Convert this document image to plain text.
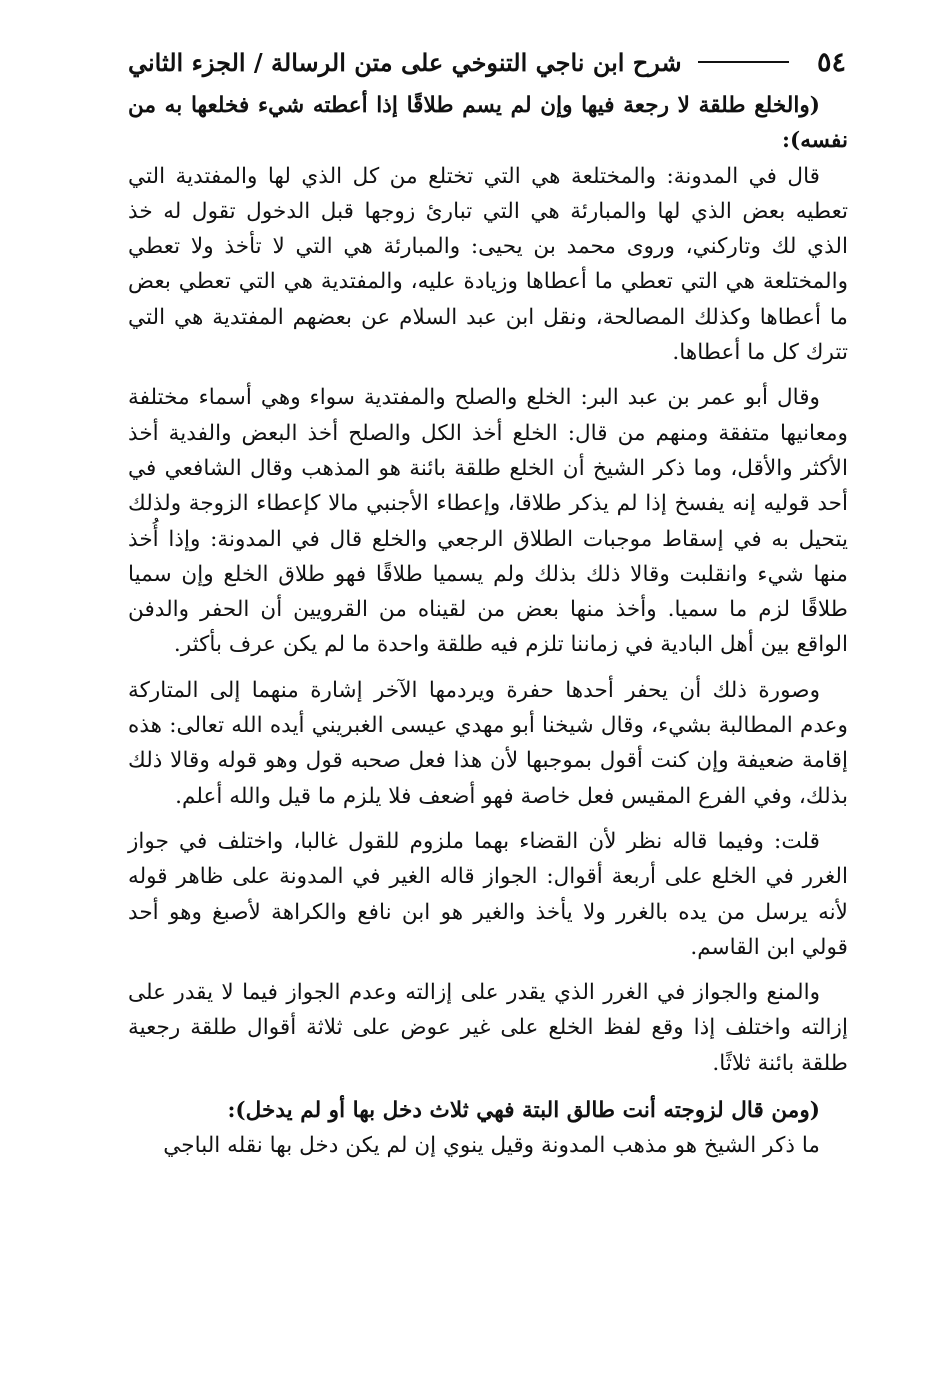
٥٤
شرح ابن ناجي التنوخي على متن الرسالة / الجزء الثاني

(والخلع طلقة لا رجعة فيها وإن لم يسم طلاقًا إذا أعطته شيء فخلعها به من نفسه):

قال في المدونة: والمختلعة هي التي تختلع من كل الذي لها والمفتدية التي تعطيه بعض الذي لها والمبارئة هي التي تبارئ زوجها قبل الدخول تقول له خذ الذي لك وتاركني، وروى محمد بن يحيى: والمبارئة هي التي لا تأخذ ولا تعطي والمختلعة هي التي تعطي ما أعطاها وزيادة عليه، والمفتدية هي التي تعطي بعض ما أعطاها وكذلك المصالحة، ونقل ابن عبد السلام عن بعضهم المفتدية هي التي تترك كل ما أعطاها.

وقال أبو عمر بن عبد البر: الخلع والصلح والمفتدية سواء وهي أسماء مختلفة ومعانيها متفقة ومنهم من قال: الخلع أخذ الكل والصلح أخذ البعض والفدية أخذ الأكثر والأقل، وما ذكر الشيخ أن الخلع طلقة بائنة هو المذهب وقال الشافعي في أحد قوليه إنه يفسخ إذا لم يذكر طلاقا، وإعطاء الأجنبي مالا كإعطاء الزوجة ولذلك يتحيل به في إسقاط موجبات الطلاق الرجعي والخلع قال في المدونة: وإذا أُخذ منها شيء وانقلبت وقالا ذلك بذلك ولم يسميا طلاقًا فهو طلاق الخلع وإن سميا طلاقًا لزم ما سميا. وأخذ منها بعض من لقيناه من القرويين أن الحفر والدفن الواقع بين أهل البادية في زماننا تلزم فيه طلقة واحدة ما لم يكن عرف بأكثر.

وصورة ذلك أن يحفر أحدها حفرة ويردمها الآخر إشارة منهما إلى المتاركة وعدم المطالبة بشيء، وقال شيخنا أبو مهدي عيسى الغبريني أيده الله تعالى: هذه إقامة ضعيفة وإن كنت أقول بموجبها لأن هذا فعل صحبه قول وهو قوله وقالا ذلك بذلك، وفي الفرع المقيس فعل خاصة فهو أضعف فلا يلزم ما قيل والله أعلم.

قلت: وفيما قاله نظر لأن القضاء بهما ملزوم للقول غالبا، واختلف في جواز الغرر في الخلع على أربعة أقوال: الجواز قاله الغير في المدونة على ظاهر قوله لأنه يرسل من يده بالغرر ولا يأخذ والغير هو ابن نافع والكراهة لأصبغ وهو أحد قولي ابن القاسم.

والمنع والجواز في الغرر الذي يقدر على إزالته وعدم الجواز فيما لا يقدر على إزالته واختلف إذا وقع لفظ الخلع على غير عوض على ثلاثة أقوال طلقة رجعية طلقة بائنة ثلاثًا.

(ومن قال لزوجته أنت طالق البتة فهي ثلاث دخل بها أو لم يدخل):

ما ذكر الشيخ هو مذهب المدونة وقيل ينوي إن لم يكن دخل بها نقله الباجي
